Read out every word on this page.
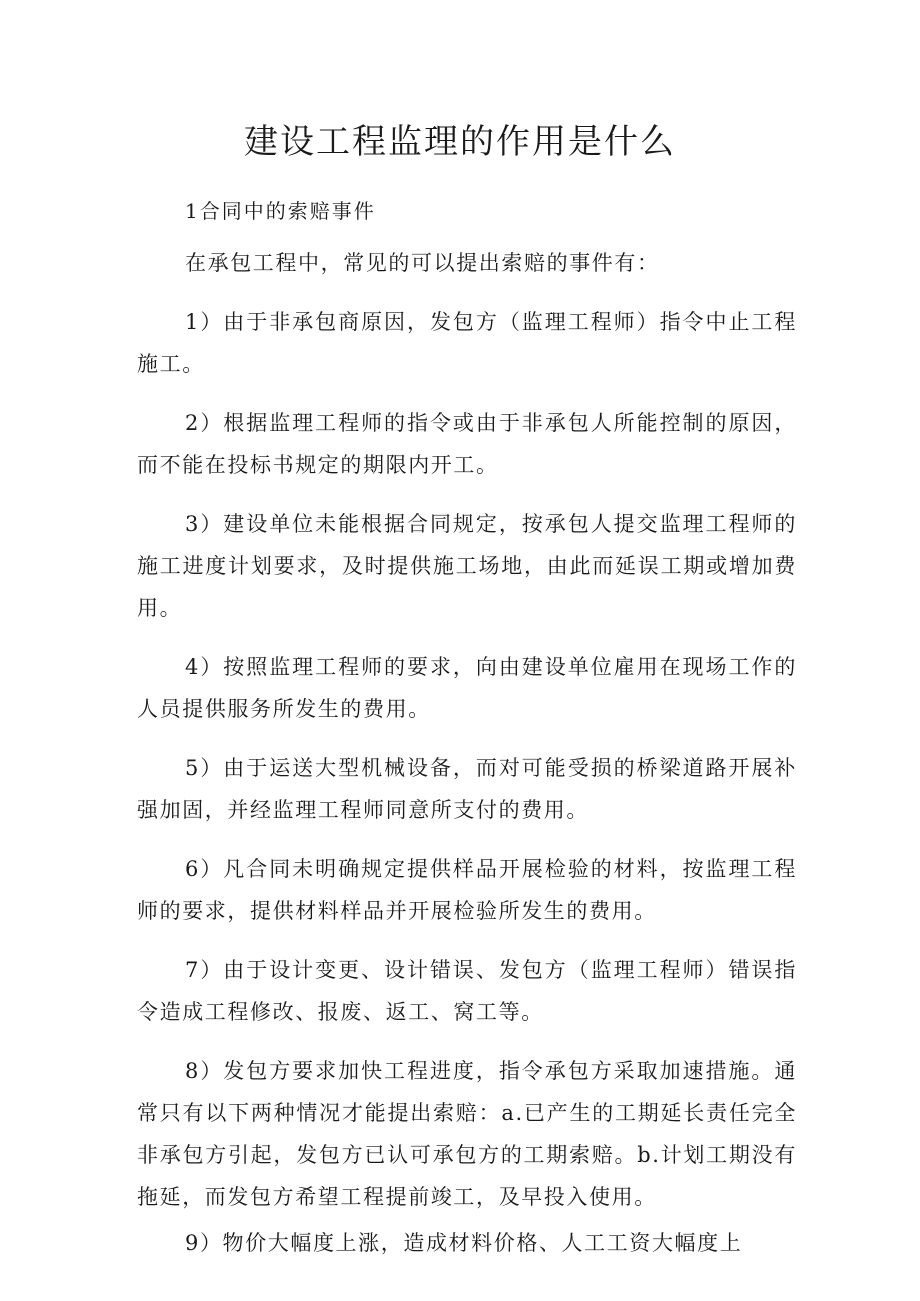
建设工程监理的作用是什么

1合同中的索赔事件

在承包工程中，常见的可以提出索赔的事件有：

1）由于非承包商原因，发包方（监理工程师）指令中止工程施工。

2）根据监理工程师的指令或由于非承包人所能控制的原因，而不能在投标书规定的期限内开工。

3）建设单位未能根据合同规定，按承包人提交监理工程师的施工进度计划要求，及时提供施工场地，由此而延误工期或增加费用。

4）按照监理工程师的要求，向由建设单位雇用在现场工作的人员提供服务所发生的费用。

5）由于运送大型机械设备，而对可能受损的桥梁道路开展补强加固，并经监理工程师同意所支付的费用。

6）凡合同未明确规定提供样品开展检验的材料，按监理工程师的要求，提供材料样品并开展检验所发生的费用。

7）由于设计变更、设计错误、发包方（监理工程师）错误指令造成工程修改、报废、返工、窝工等。

8）发包方要求加快工程进度，指令承包方采取加速措施。通常只有以下两种情况才能提出索赔：a.已产生的工期延长责任完全非承包方引起，发包方已认可承包方的工期索赔。b.计划工期没有拖延，而发包方希望工程提前竣工，及早投入使用。

9）物价大幅度上涨，造成材料价格、人工工资大幅度上
